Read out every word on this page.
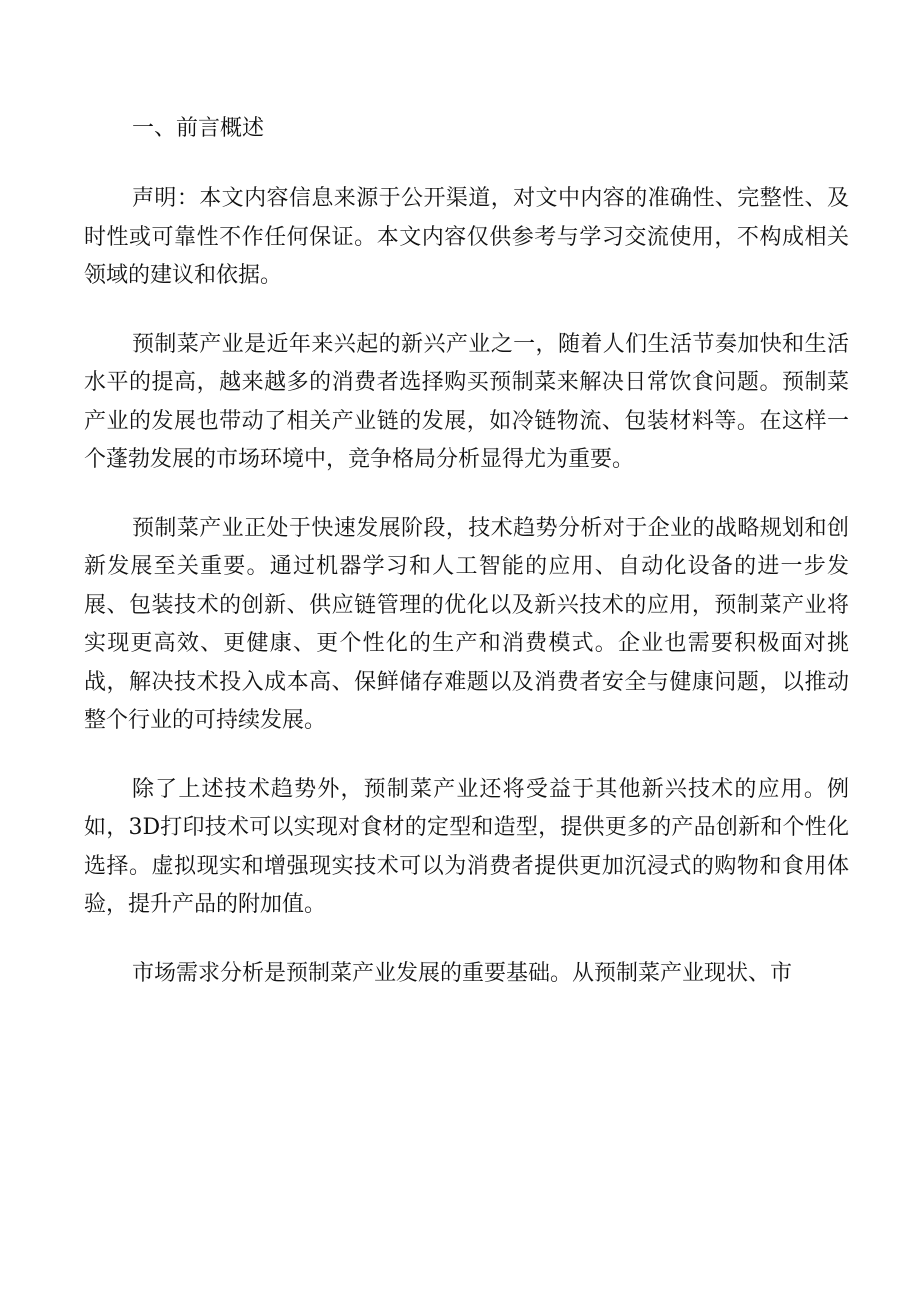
一、前言概述

声明：本文内容信息来源于公开渠道，对文中内容的准确性、完整性、及时性或可靠性不作任何保证。本文内容仅供参考与学习交流使用，不构成相关领域的建议和依据。

预制菜产业是近年来兴起的新兴产业之一，随着人们生活节奏加快和生活水平的提高，越来越多的消费者选择购买预制菜来解决日常饮食问题。预制菜产业的发展也带动了相关产业链的发展，如冷链物流、包装材料等。在这样一个蓬勃发展的市场环境中，竞争格局分析显得尤为重要。

预制菜产业正处于快速发展阶段，技术趋势分析对于企业的战略规划和创新发展至关重要。通过机器学习和人工智能的应用、自动化设备的进一步发展、包装技术的创新、供应链管理的优化以及新兴技术的应用，预制菜产业将实现更高效、更健康、更个性化的生产和消费模式。企业也需要积极面对挑战，解决技术投入成本高、保鲜储存难题以及消费者安全与健康问题，以推动整个行业的可持续发展。

除了上述技术趋势外，预制菜产业还将受益于其他新兴技术的应用。例如，3D打印技术可以实现对食材的定型和造型，提供更多的产品创新和个性化选择。虚拟现实和增强现实技术可以为消费者提供更加沉浸式的购物和食用体验，提升产品的附加值。

市场需求分析是预制菜产业发展的重要基础。从预制菜产业现状、市
